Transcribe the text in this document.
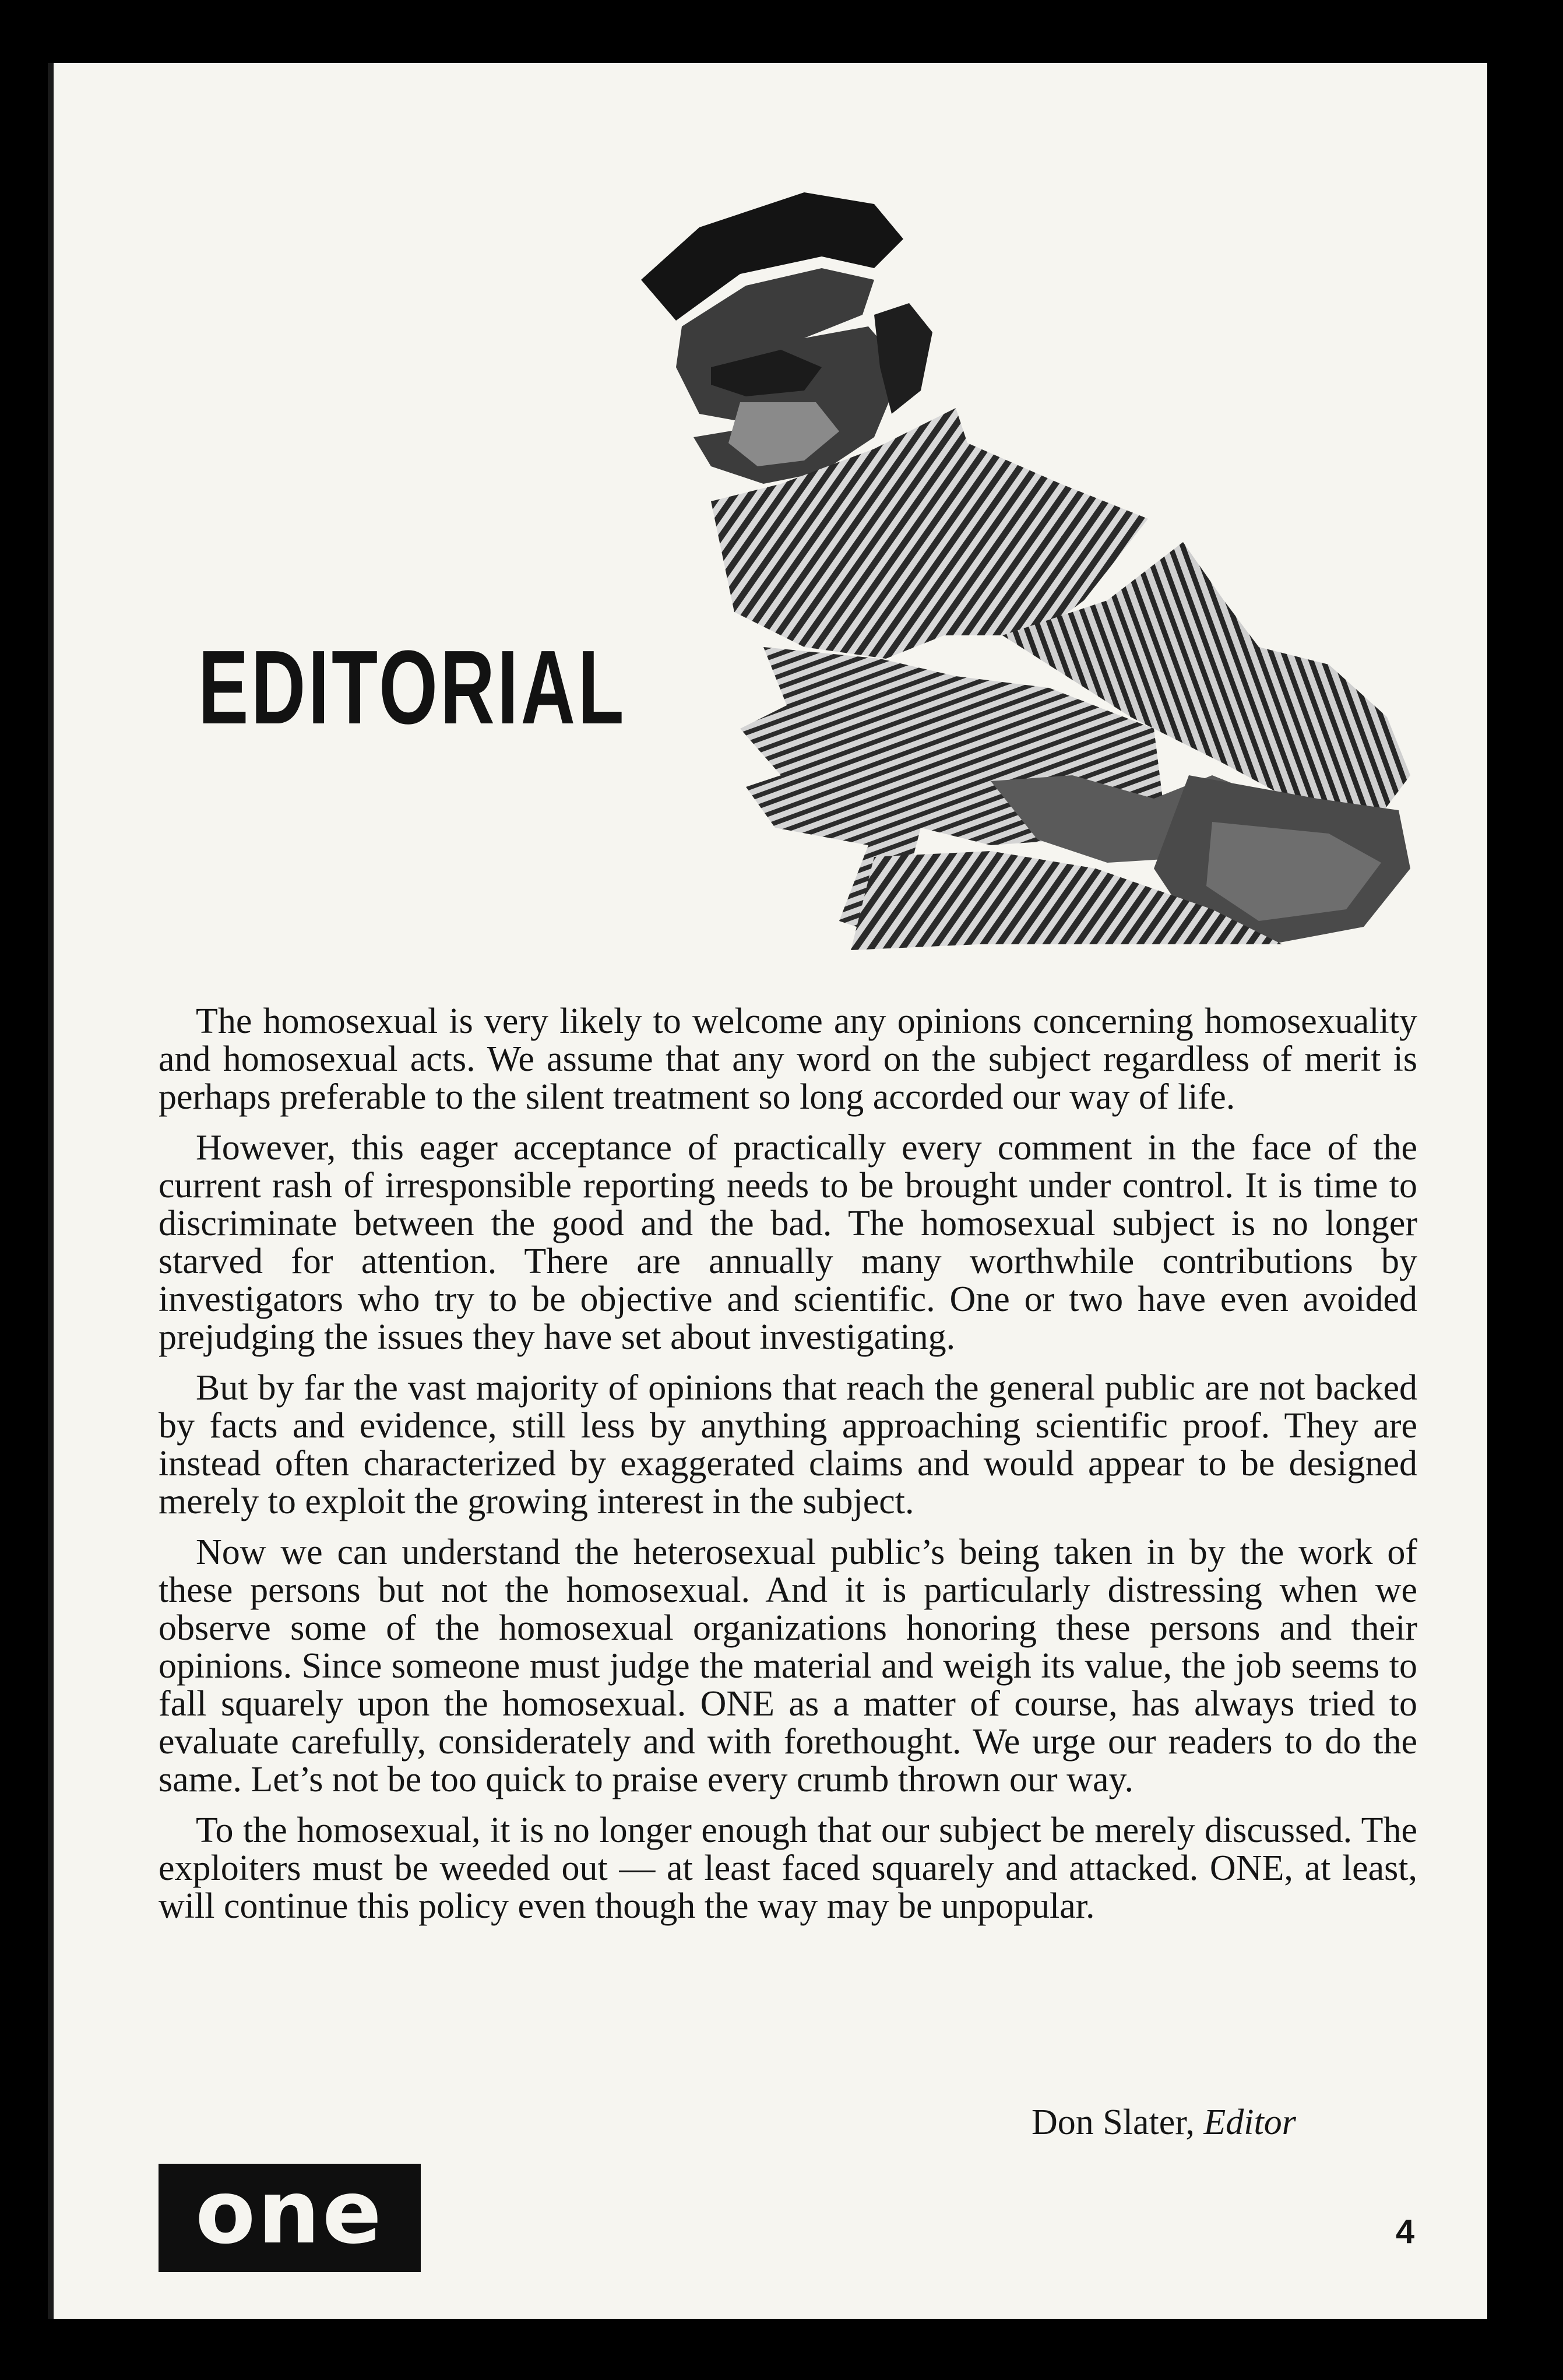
EDITORIAL

The homosexual is very likely to welcome any opinions concerning homosexuality and homosexual acts. We assume that any word on the subject regardless of merit is perhaps preferable to the silent treatment so long accorded our way of life.

However, this eager acceptance of practically every comment in the face of the current rash of irresponsible reporting needs to be brought under control. It is time to discriminate between the good and the bad. The homosexual subject is no longer starved for attention. There are annually many worthwhile contributions by investigators who try to be objective and scientific. One or two have even avoided prejudging the issues they have set about investigating.

But by far the vast majority of opinions that reach the general public are not backed by facts and evidence, still less by anything approaching scientific proof. They are instead often characterized by exaggerated claims and would appear to be designed merely to exploit the growing interest in the subject.

Now we can understand the heterosexual public’s being taken in by the work of these persons but not the homosexual. And it is particularly distressing when we observe some of the homosexual organizations honoring these persons and their opinions. Since someone must judge the material and weigh its value, the job seems to fall squarely upon the homosexual. ONE as a matter of course, has always tried to evaluate carefully, considerately and with forethought. We urge our readers to do the same. Let’s not be too quick to praise every crumb thrown our way.

To the homosexual, it is no longer enough that our subject be merely discussed. The exploiters must be weeded out — at least faced squarely and attacked. ONE, at least, will continue this policy even though the way may be unpopular.

Don Slater, Editor
one	4
